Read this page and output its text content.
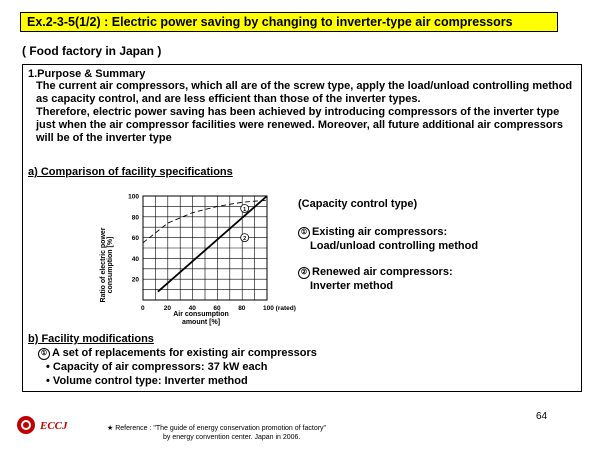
Ex.2-3-5(1/2) : Electric power saving by changing to inverter-type air compressors
( Food factory in Japan )
1.Purpose & Summary

The current air compressors, which all are of the screw type, apply the load/unload controlling method as capacity control, and are less efficient than those of the inverter types.

Therefore, electric power saving has been achieved by introducing compressors of the inverter type just when the air compressor facilities were renewed. Moreover, all future additional air compressors will be of the inverter type

a) Comparison of facility specifications
20
40
60
80
100
0	20	40	60	80	100 (rated)
1
2
Ratio of electric power consumption [%]
Air consumption amount [%]
(Capacity control type)
① Existing air compressors:
Load/unload controlling method
② Renewed air compressors:
Inverter method
b) Facility modifications
① A set of replacements for existing air compressors
• Capacity of air compressors: 37 kW each
• Volume control type: Inverter method
ECCJ	★ Reference : "The guide of energy conservation promotion of factory"
by energy convention center. Japan in 2006.
64
